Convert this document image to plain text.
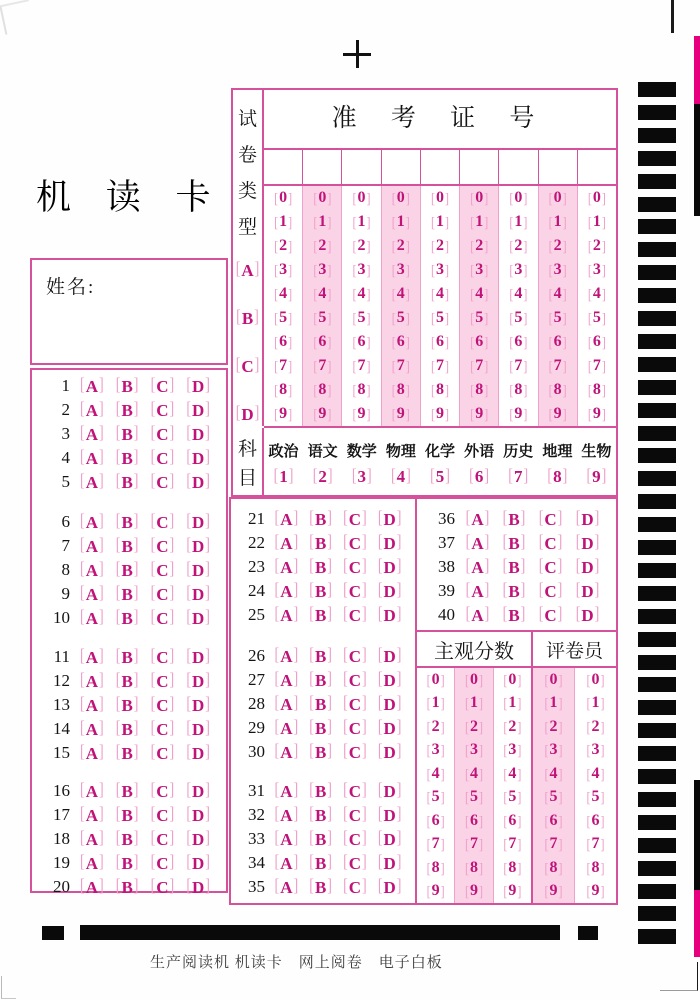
机 读 卡
姓名:
1 [ A ] [ B ] [ C ] [ D ]
2 [ A ] [ B ] [ C ] [ D ]
3 [ A ] [ B ] [ C ] [ D ]
4 [ A ] [ B ] [ C ] [ D ]
5 [ A ] [ B ] [ C ] [ D ]
6 [ A ] [ B ] [ C ] [ D ]
7 [ A ] [ B ] [ C ] [ D ]
8 [ A ] [ B ] [ C ] [ D ]
9 [ A ] [ B ] [ C ] [ D ]
10 [ A ] [ B ] [ C ] [ D ]
11 [ A ] [ B ] [ C ] [ D ]
12 [ A ] [ B ] [ C ] [ D ]
13 [ A ] [ B ] [ C ] [ D ]
14 [ A ] [ B ] [ C ] [ D ]
15 [ A ] [ B ] [ C ] [ D ]
16 [ A ] [ B ] [ C ] [ D ]
17 [ A ] [ B ] [ C ] [ D ]
18 [ A ] [ B ] [ C ] [ D ]
19 [ A ] [ B ] [ C ] [ D ]
20 [ A ] [ B ] [ C ] [ D ]
试
卷
类
型
[ A ]
[ B ]
[ C ]
[ D ]
科
目
准 考 证 号
[ 0 ]
[ 1 ]
[ 2 ]
[ 3 ]
[ 4 ]
[ 5 ]
[ 6 ]
[ 7 ]
[ 8 ]
[ 9 ]
[ 0 ]
[ 1 ]
[ 2 ]
[ 3 ]
[ 4 ]
[ 5 ]
[ 6 ]
[ 7 ]
[ 8 ]
[ 9 ]
[ 0 ]
[ 1 ]
[ 2 ]
[ 3 ]
[ 4 ]
[ 5 ]
[ 6 ]
[ 7 ]
[ 8 ]
[ 9 ]
[ 0 ]
[ 1 ]
[ 2 ]
[ 3 ]
[ 4 ]
[ 5 ]
[ 6 ]
[ 7 ]
[ 8 ]
[ 9 ]
[ 0 ]
[ 1 ]
[ 2 ]
[ 3 ]
[ 4 ]
[ 5 ]
[ 6 ]
[ 7 ]
[ 8 ]
[ 9 ]
[ 0 ]
[ 1 ]
[ 2 ]
[ 3 ]
[ 4 ]
[ 5 ]
[ 6 ]
[ 7 ]
[ 8 ]
[ 9 ]
[ 0 ]
[ 1 ]
[ 2 ]
[ 3 ]
[ 4 ]
[ 5 ]
[ 6 ]
[ 7 ]
[ 8 ]
[ 9 ]
[ 0 ]
[ 1 ]
[ 2 ]
[ 3 ]
[ 4 ]
[ 5 ]
[ 6 ]
[ 7 ]
[ 8 ]
[ 9 ]
[ 0 ]
[ 1 ]
[ 2 ]
[ 3 ]
[ 4 ]
[ 5 ]
[ 6 ]
[ 7 ]
[ 8 ]
[ 9 ]
政治
[ 1 ]
语文
[ 2 ]
数学
[ 3 ]
物理
[ 4 ]
化学
[ 5 ]
外语
[ 6 ]
历史
[ 7 ]
地理
[ 8 ]
生物
[ 9 ]
21 [ A ] [ B ] [ C ] [ D ]
22 [ A ] [ B ] [ C ] [ D ]
23 [ A ] [ B ] [ C ] [ D ]
24 [ A ] [ B ] [ C ] [ D ]
25 [ A ] [ B ] [ C ] [ D ]
26 [ A ] [ B ] [ C ] [ D ]
27 [ A ] [ B ] [ C ] [ D ]
28 [ A ] [ B ] [ C ] [ D ]
29 [ A ] [ B ] [ C ] [ D ]
30 [ A ] [ B ] [ C ] [ D ]
31 [ A ] [ B ] [ C ] [ D ]
32 [ A ] [ B ] [ C ] [ D ]
33 [ A ] [ B ] [ C ] [ D ]
34 [ A ] [ B ] [ C ] [ D ]
35 [ A ] [ B ] [ C ] [ D ]
36 [ A ] [ B ] [ C ] [ D ]
37 [ A ] [ B ] [ C ] [ D ]
38 [ A ] [ B ] [ C ] [ D ]
39 [ A ] [ B ] [ C ] [ D ]
40 [ A ] [ B ] [ C ] [ D ]
主观分数
[ 0 ]
[ 1 ]
[ 2 ]
[ 3 ]
[ 4 ]
[ 5 ]
[ 6 ]
[ 7 ]
[ 8 ]
[ 9 ]
[ 0 ]
[ 1 ]
[ 2 ]
[ 3 ]
[ 4 ]
[ 5 ]
[ 6 ]
[ 7 ]
[ 8 ]
[ 9 ]
[ 0 ]
[ 1 ]
[ 2 ]
[ 3 ]
[ 4 ]
[ 5 ]
[ 6 ]
[ 7 ]
[ 8 ]
[ 9 ]
评卷员
[ 0 ]
[ 1 ]
[ 2 ]
[ 3 ]
[ 4 ]
[ 5 ]
[ 6 ]
[ 7 ]
[ 8 ]
[ 9 ]
[ 0 ]
[ 1 ]
[ 2 ]
[ 3 ]
[ 4 ]
[ 5 ]
[ 6 ]
[ 7 ]
[ 8 ]
[ 9 ]
生产阅读机 机读卡　网上阅卷　电子白板
